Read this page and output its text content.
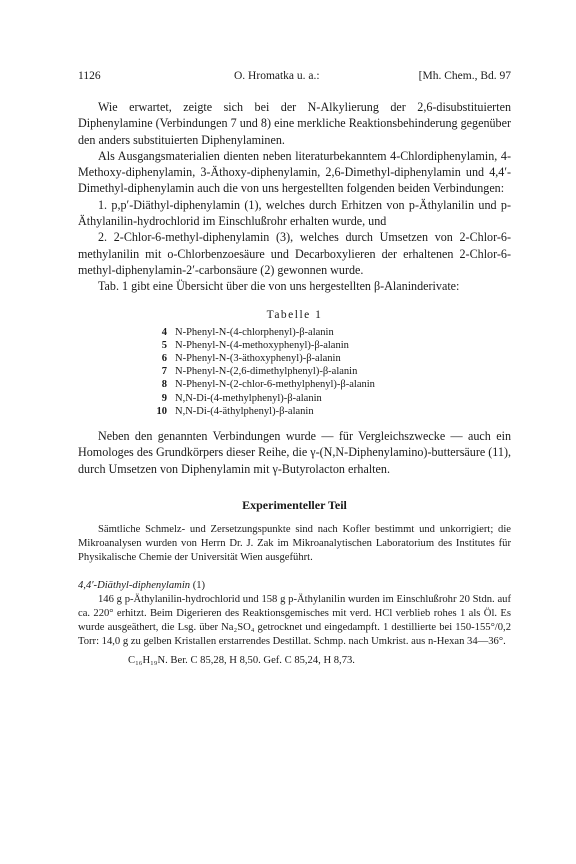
1126	O. Hromatka u. a.:	[Mh. Chem., Bd. 97

Wie erwartet, zeigte sich bei der N-Alkylierung der 2,6-disubstituierten Diphenylamine (Verbindungen 7 und 8) eine merkliche Reaktionsbehinderung gegenüber den anders substituierten Diphenylaminen.

Als Ausgangsmaterialien dienten neben literaturbekanntem 4-Chlordiphenylamin, 4-Methoxy-diphenylamin, 3-Äthoxy-diphenylamin, 2,6-Dimethyl-diphenylamin und 4,4′-Dimethyl-diphenylamin auch die von uns hergestellten folgenden beiden Verbindungen:

1. p,p′-Diäthyl-diphenylamin (1), welches durch Erhitzen von p-Äthylanilin und p-Äthylanilin-hydrochlorid im Einschlußrohr erhalten wurde, und

2. 2-Chlor-6-methyl-diphenylamin (3), welches durch Umsetzen von 2-Chlor-6-methylanilin mit o-Chlorbenzoesäure und Decarboxylieren der erhaltenen 2-Chlor-6-methyl-diphenylamin-2′-carbonsäure (2) gewonnen wurde.

Tab. 1 gibt eine Übersicht über die von uns hergestellten β-Alaninderivate:

Tabelle 1
4 N-Phenyl-N-(4-chlorphenyl)-β-alanin
5 N-Phenyl-N-(4-methoxyphenyl)-β-alanin
6 N-Phenyl-N-(3-äthoxyphenyl)-β-alanin
7 N-Phenyl-N-(2,6-dimethylphenyl)-β-alanin
8 N-Phenyl-N-(2-chlor-6-methylphenyl)-β-alanin
9 N,N-Di-(4-methylphenyl)-β-alanin
10 N,N-Di-(4-äthylphenyl)-β-alanin

Neben den genannten Verbindungen wurde — für Vergleichszwecke — auch ein Homologes des Grundkörpers dieser Reihe, die γ-(N,N-Diphenylamino)-buttersäure (11), durch Umsetzen von Diphenylamin mit γ-Butyrolacton erhalten.

Experimenteller Teil

Sämtliche Schmelz- und Zersetzungspunkte sind nach Kofler bestimmt und unkorrigiert; die Mikroanalysen wurden von Herrn Dr. J. Zak im Mikroanalytischen Laboratorium des Institutes für Physikalische Chemie der Universität Wien ausgeführt.

4,4′-Diäthyl-diphenylamin (1)

146 g p-Äthylanilin-hydrochlorid und 158 g p-Äthylanilin wurden im Einschlußrohr 20 Stdn. auf ca. 220° erhitzt. Beim Digerieren des Reaktionsgemisches mit verd. HCl verblieb rohes 1 als Öl. Es wurde ausgeäthert, die Lsg. über Na₂SO₄ getrocknet und eingedampft. 1 destillierte bei 150-155°/0,2 Torr: 14,0 g zu gelben Kristallen erstarrendes Destillat. Schmp. nach Umkrist. aus n-Hexan 34—36°.

C₁₆H₁₉N. Ber. C 85,28, H 8,50. Gef. C 85,24, H 8,73.
